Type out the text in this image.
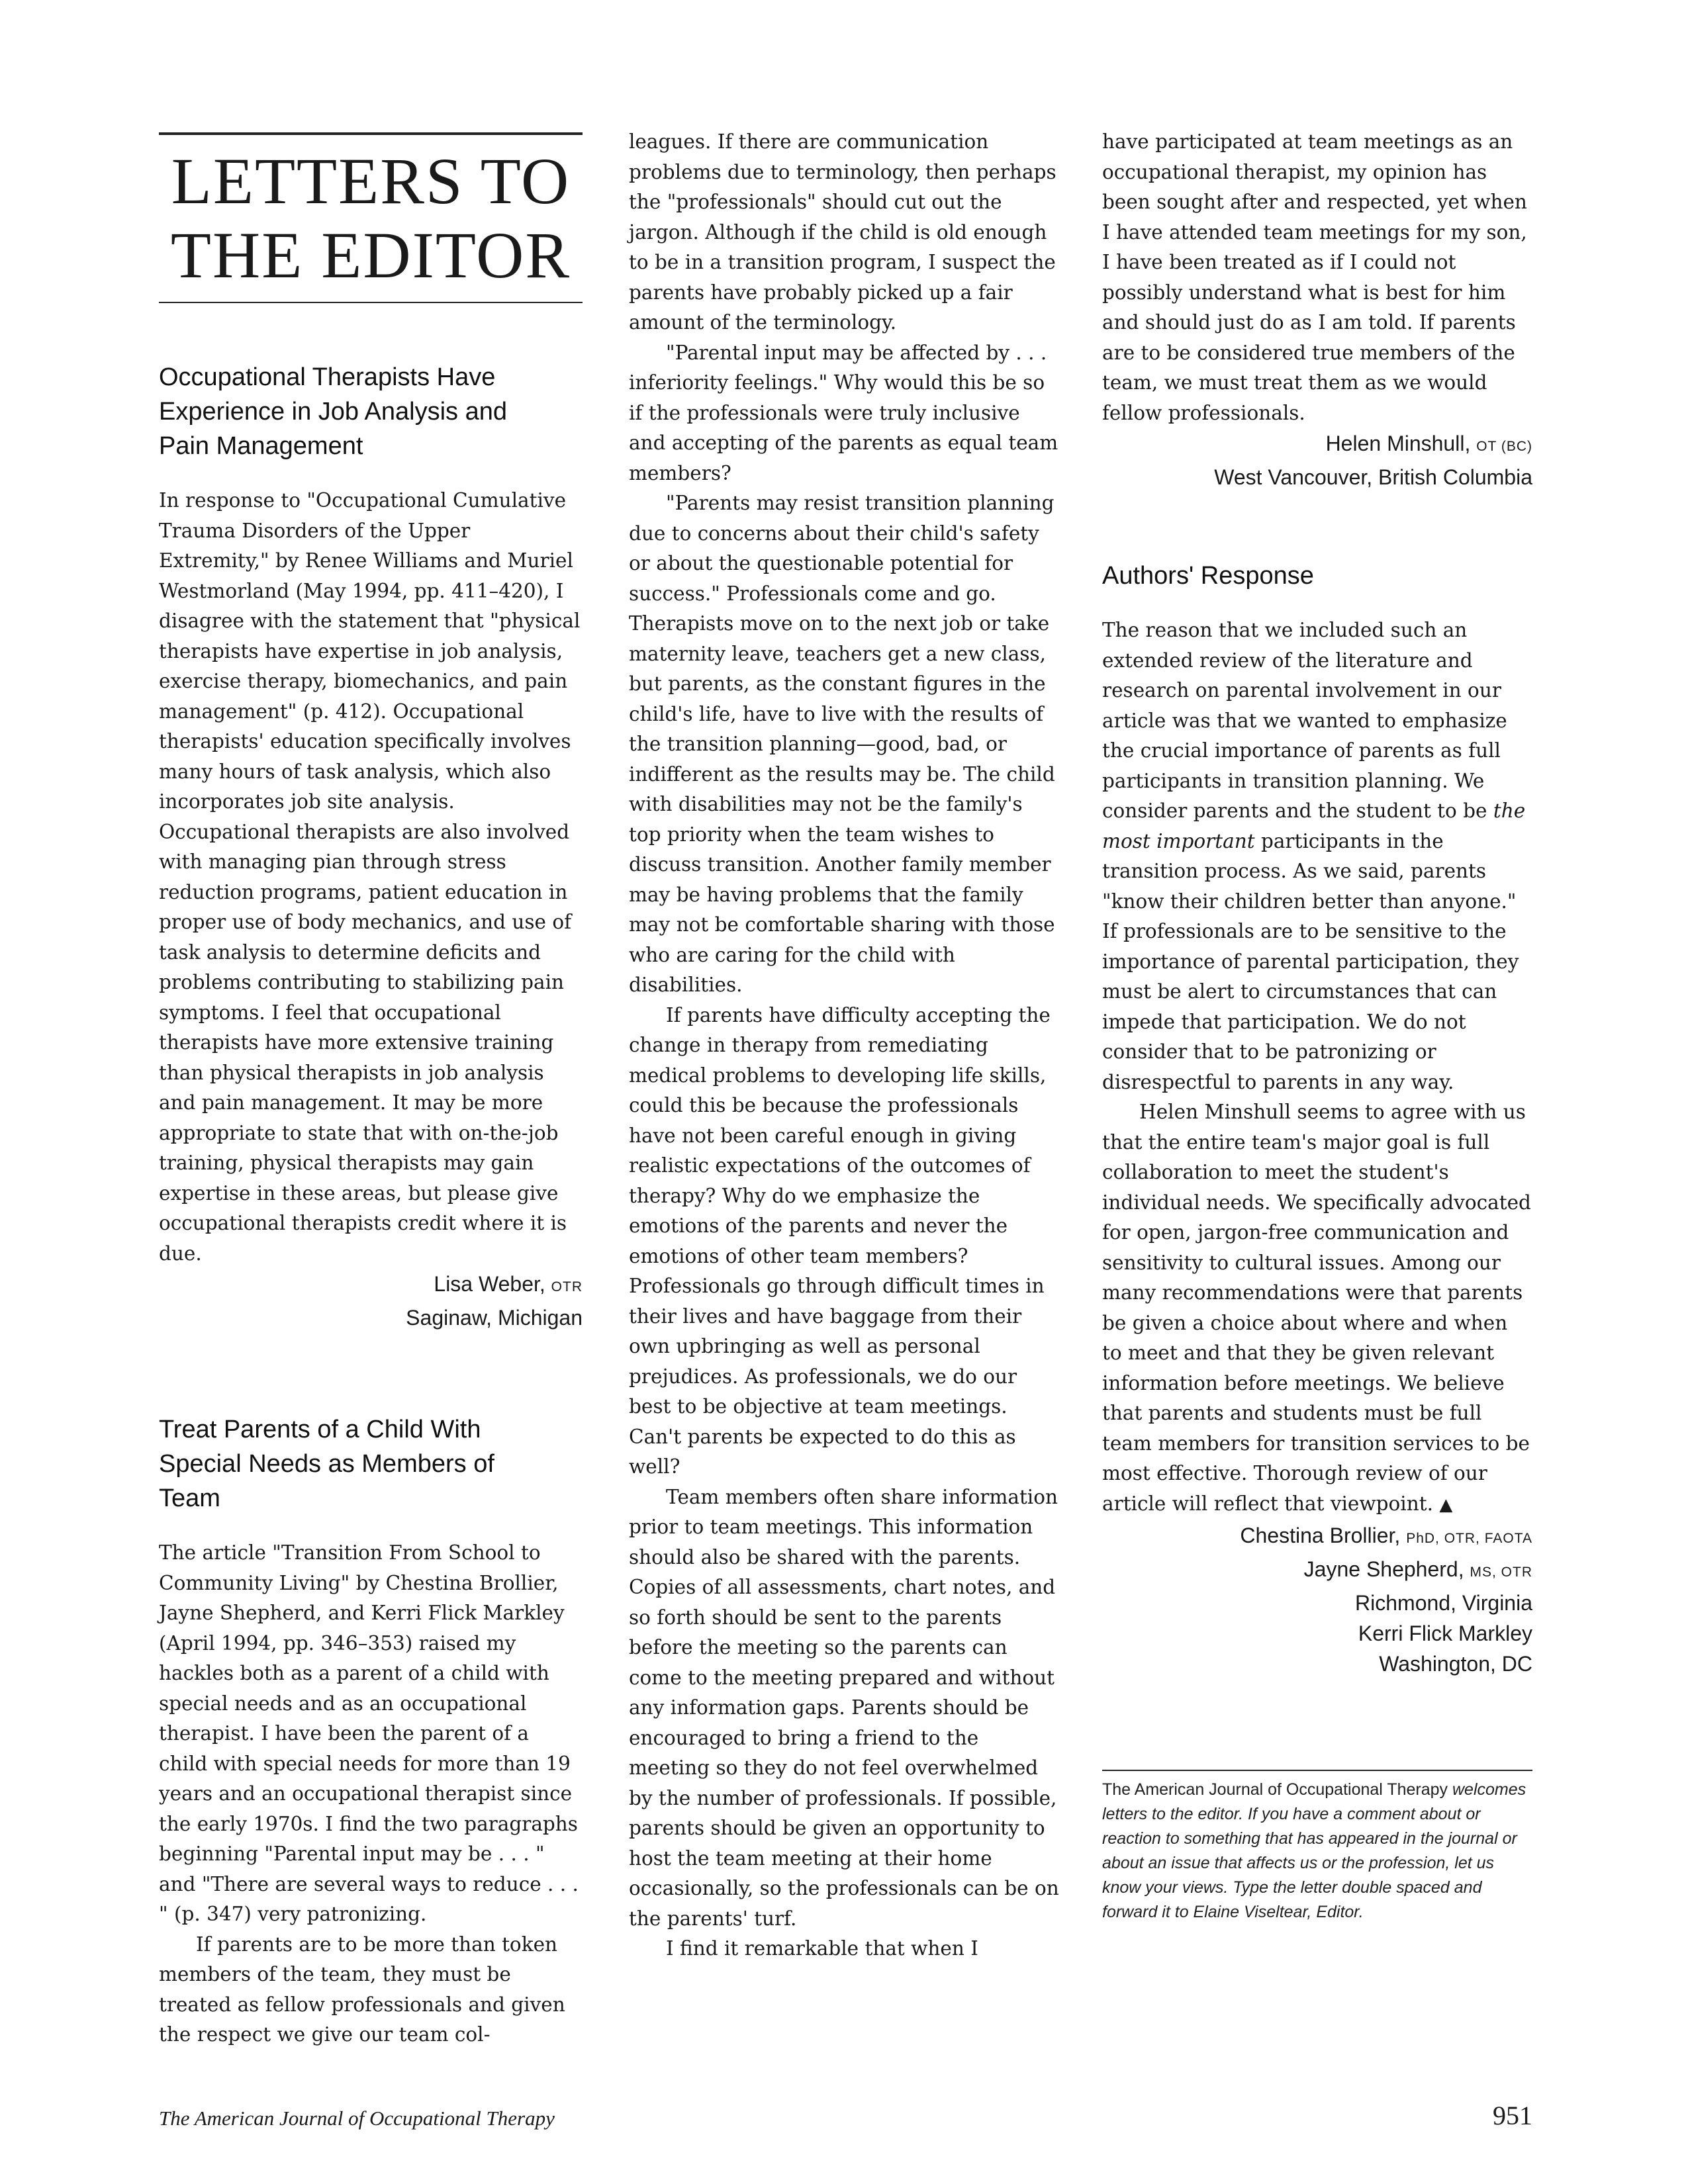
LETTERS TO
THE EDITOR
Occupational Therapists Have
Experience in Job Analysis and
Pain Management

In response to "Occupational Cumulative Trauma Disorders of the Upper Extremity," by Renee Williams and Muriel Westmorland (May 1994, pp. 411–420), I disagree with the statement that "physical therapists have expertise in job analysis, exercise therapy, biomechanics, and pain management" (p. 412). Occupational therapists' education specifically involves many hours of task analysis, which also incorporates job site analysis. Occupational therapists are also involved with managing pian through stress reduction programs, patient education in proper use of body mechanics, and use of task analysis to determine deficits and problems contributing to stabilizing pain symptoms. I feel that occupational therapists have more extensive training than physical therapists in job analysis and pain management. It may be more appropriate to state that with on-the-job training, physical therapists may gain expertise in these areas, but please give occupational therapists credit where it is due.

Lisa Weber, OTR
Saginaw, Michigan
Treat Parents of a Child With
Special Needs as Members of
Team

The article "Transition From School to Community Living" by Chestina Brollier, Jayne Shepherd, and Kerri Flick Markley (April 1994, pp. 346–353) raised my hackles both as a parent of a child with special needs and as an occupational therapist. I have been the parent of a child with special needs for more than 19 years and an occupational therapist since the early 1970s. I find the two paragraphs beginning "Parental input may be . . . " and "There are several ways to reduce . . . " (p. 347) very patronizing.

If parents are to be more than token members of the team, they must be treated as fellow professionals and given the respect we give our team col-

leagues. If there are communication problems due to terminology, then perhaps the "professionals" should cut out the jargon. Although if the child is old enough to be in a transition program, I suspect the parents have probably picked up a fair amount of the terminology.

"Parental input may be affected by . . . inferiority feelings." Why would this be so if the professionals were truly inclusive and accepting of the parents as equal team members?

"Parents may resist transition planning due to concerns about their child's safety or about the questionable potential for success." Professionals come and go. Therapists move on to the next job or take maternity leave, teachers get a new class, but parents, as the constant figures in the child's life, have to live with the results of the transition planning—good, bad, or indifferent as the results may be. The child with disabilities may not be the family's top priority when the team wishes to discuss transition. Another family member may be having problems that the family may not be comfortable sharing with those who are caring for the child with disabilities.

If parents have difficulty accepting the change in therapy from remediating medical problems to developing life skills, could this be because the professionals have not been careful enough in giving realistic expectations of the outcomes of therapy? Why do we emphasize the emotions of the parents and never the emotions of other team members? Professionals go through difficult times in their lives and have baggage from their own upbringing as well as personal prejudices. As professionals, we do our best to be objective at team meetings. Can't parents be expected to do this as well?

Team members often share information prior to team meetings. This information should also be shared with the parents. Copies of all assessments, chart notes, and so forth should be sent to the parents before the meeting so the parents can come to the meeting prepared and without any information gaps. Parents should be encouraged to bring a friend to the meeting so they do not feel overwhelmed by the number of professionals. If possible, parents should be given an opportunity to host the team meeting at their home occasionally, so the professionals can be on the parents' turf.

I find it remarkable that when I

have participated at team meetings as an occupational therapist, my opinion has been sought after and respected, yet when I have attended team meetings for my son, I have been treated as if I could not possibly understand what is best for him and should just do as I am told. If parents are to be considered true members of the team, we must treat them as we would fellow professionals.

Helen Minshull, OT (BC)
West Vancouver, British Columbia
Authors' Response

The reason that we included such an extended review of the literature and research on parental involvement in our article was that we wanted to emphasize the crucial importance of parents as full participants in transition planning. We consider parents and the student to be the most important participants in the transition process. As we said, parents "know their children better than anyone." If professionals are to be sensitive to the importance of parental participation, they must be alert to circumstances that can impede that participation. We do not consider that to be patronizing or disrespectful to parents in any way.

Helen Minshull seems to agree with us that the entire team's major goal is full collaboration to meet the student's individual needs. We specifically advocated for open, jargon-free communication and sensitivity to cultural issues. Among our many recommendations were that parents be given a choice about where and when to meet and that they be given relevant information before meetings. We believe that parents and students must be full team members for transition services to be most effective. Thorough review of our article will reflect that viewpoint. ▲

Chestina Brollier, PhD, OTR, FAOTA
Jayne Shepherd, MS, OTR
Richmond, Virginia
Kerri Flick Markley
Washington, DC
The American Journal of Occupational Therapy welcomes letters to the editor. If you have a comment about or reaction to something that has appeared in the journal or about an issue that affects us or the profession, let us know your views. Type the letter double spaced and forward it to Elaine Viseltear, Editor.
The American Journal of Occupational Therapy	951
